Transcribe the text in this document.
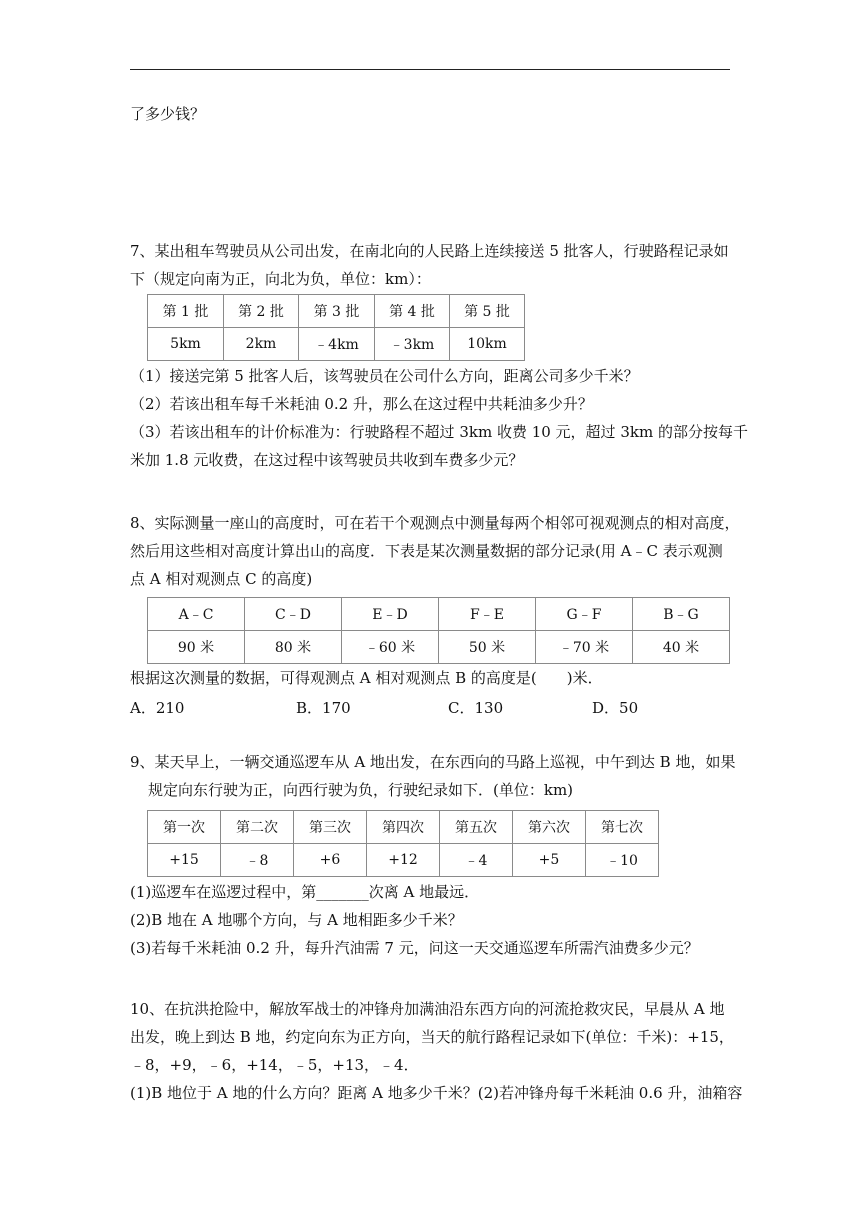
了多少钱？
7、某出租车驾驶员从公司出发，在南北向的人民路上连续接送 5 批客人，行驶路程记录如
下（规定向南为正，向北为负，单位：km）：
第 1 批	第 2 批	第 3 批	第 4 批	第 5 批
5km	2km	﹣4km	﹣3km	10km
（1）接送完第 5 批客人后，该驾驶员在公司什么方向，距离公司多少千米？
（2）若该出租车每千米耗油 0.2 升，那么在这过程中共耗油多少升？
（3）若该出租车的计价标准为：行驶路程不超过 3km 收费 10 元，超过 3km 的部分按每千
米加 1.8 元收费，在这过程中该驾驶员共收到车费多少元？
8、实际测量一座山的高度时，可在若干个观测点中测量每两个相邻可视观测点的相对高度，
然后用这些相对高度计算出山的高度．下表是某次测量数据的部分记录(用 A﹣C 表示观测
点 A 相对观测点 C 的高度)
A﹣C	C﹣D	E﹣D	F﹣E	G﹣F	B﹣G
90 米	80 米	﹣60 米	50 米	﹣70 米	40 米
根据这次测量的数据，可得观测点 A 相对观测点 B 的高度是(　　)米．
A．210	B．170	C．130	D．50
9、某天早上，一辆交通巡逻车从 A 地出发，在东西向的马路上巡视，中午到达 B 地，如果
规定向东行驶为正，向西行驶为负，行驶纪录如下．(单位：km)
第一次	第二次	第三次	第四次	第五次	第六次	第七次
+15	﹣8	+6	+12	﹣4	+5	﹣10
(1)巡逻车在巡逻过程中，第_______次离 A 地最远．
(2)B 地在 A 地哪个方向，与 A 地相距多少千米？
(3)若每千米耗油 0.2 升，每升汽油需 7 元，问这一天交通巡逻车所需汽油费多少元？
10、在抗洪抢险中，解放军战士的冲锋舟加满油沿东西方向的河流抢救灾民，早晨从 A 地
出发，晚上到达 B 地，约定向东为正方向，当天的航行路程记录如下(单位：千米)：+15，
﹣8，+9，﹣6，+14，﹣5，+13，﹣4．
(1)B 地位于 A 地的什么方向？距离 A 地多少千米？(2)若冲锋舟每千米耗油 0.6 升，油箱容
